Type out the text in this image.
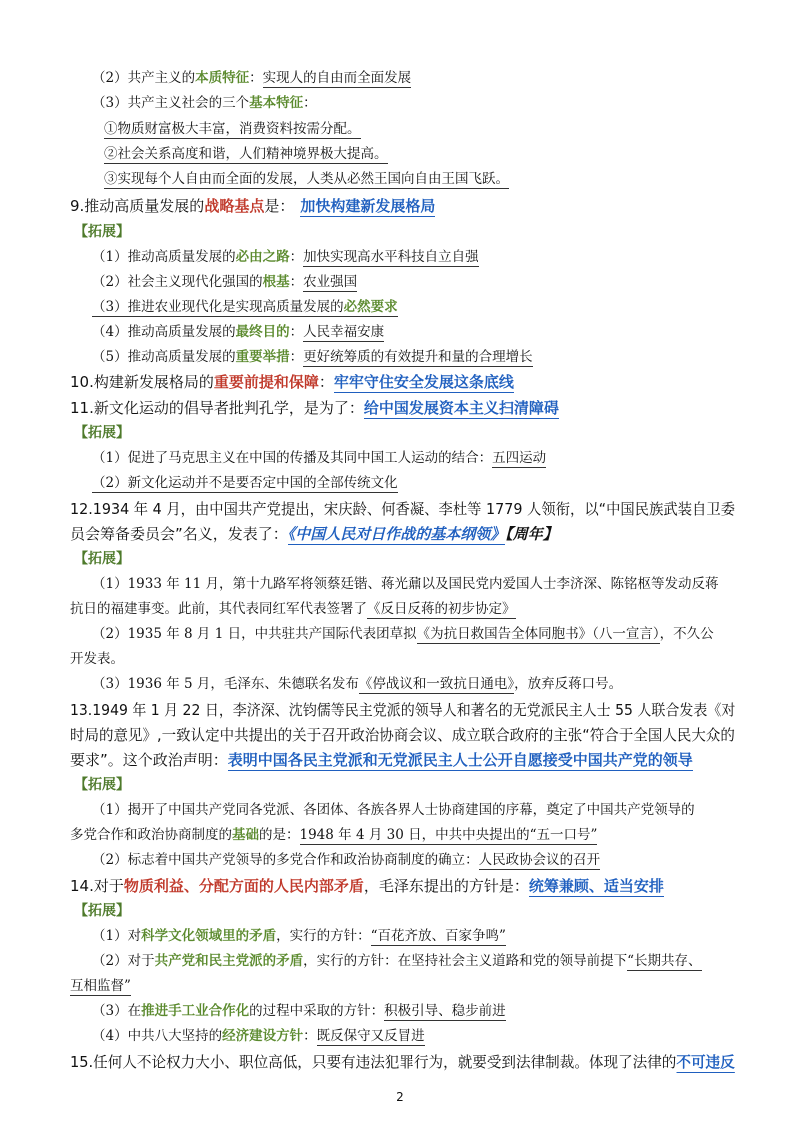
（2）共产主义的本质特征：实现人的自由而全面发展
（3）共产主义社会的三个基本特征：
①物质财富极大丰富，消费资料按需分配。
②社会关系高度和谐，人们精神境界极大提高。
③实现每个人自由而全面的发展，人类从必然王国向自由王国飞跃。
9.推动高质量发展的战略基点是： 加快构建新发展格局
【拓展】
（1）推动高质量发展的必由之路：加快实现高水平科技自立自强
（2）社会主义现代化强国的根基：农业强国
（3）推进农业现代化是实现高质量发展的必然要求
（4）推动高质量发展的最终目的：人民幸福安康
（5）推动高质量发展的重要举措：更好统筹质的有效提升和量的合理增长
10.构建新发展格局的重要前提和保障：牢牢守住安全发展这条底线
11.新文化运动的倡导者批判孔学，是为了：给中国发展资本主义扫清障碍
【拓展】
（1）促进了马克思主义在中国的传播及其同中国工人运动的结合：五四运动
（2）新文化运动并不是要否定中国的全部传统文化
12.1934 年 4 月，由中国共产党提出，宋庆龄、何香凝、李杜等 1779 人领衔，以“中国民族武装自卫委
员会筹备委员会”名义，发表了：《中国人民对日作战的基本纲领》【周年】
【拓展】
（1）1933 年 11 月，第十九路军将领蔡廷锴、蒋光鼐以及国民党内爱国人士李济深、陈铭枢等发动反蒋
抗日的福建事变。此前，其代表同红军代表签署了《反日反蒋的初步协定》
（2）1935 年 8 月 1 日，中共驻共产国际代表团草拟《为抗日救国告全体同胞书》（八一宣言），不久公
开发表。
（3）1936 年 5 月，毛泽东、朱德联名发布《停战议和一致抗日通电》，放弃反蒋口号。
13.1949 年 1 月 22 日，李济深、沈钧儒等民主党派的领导人和著名的无党派民主人士 55 人联合发表《对
时局的意见》,一致认定中共提出的关于召开政治协商会议、成立联合政府的主张“符合于全国人民大众的
要求”。这个政治声明：表明中国各民主党派和无党派民主人士公开自愿接受中国共产党的领导
【拓展】
（1）揭开了中国共产党同各党派、各团体、各族各界人士协商建国的序幕，奠定了中国共产党领导的
多党合作和政治协商制度的基础的是：1948 年 4 月 30 日，中共中央提出的“五一口号”
（2）标志着中国共产党领导的多党合作和政治协商制度的确立：人民政协会议的召开
14.对于物质利益、分配方面的人民内部矛盾，毛泽东提出的方针是：统筹兼顾、适当安排
【拓展】
（1）对科学文化领域里的矛盾，实行的方针：“百花齐放、百家争鸣”
（2）对于共产党和民主党派的矛盾，实行的方针：在坚持社会主义道路和党的领导前提下“长期共存、
互相监督”
（3）在推进手工业合作化的过程中采取的方针：积极引导、稳步前进
（4）中共八大坚持的经济建设方针：既反保守又反冒进
15.任何人不论权力大小、职位高低，只要有违法犯罪行为，就要受到法律制裁。体现了法律的不可违反
2
